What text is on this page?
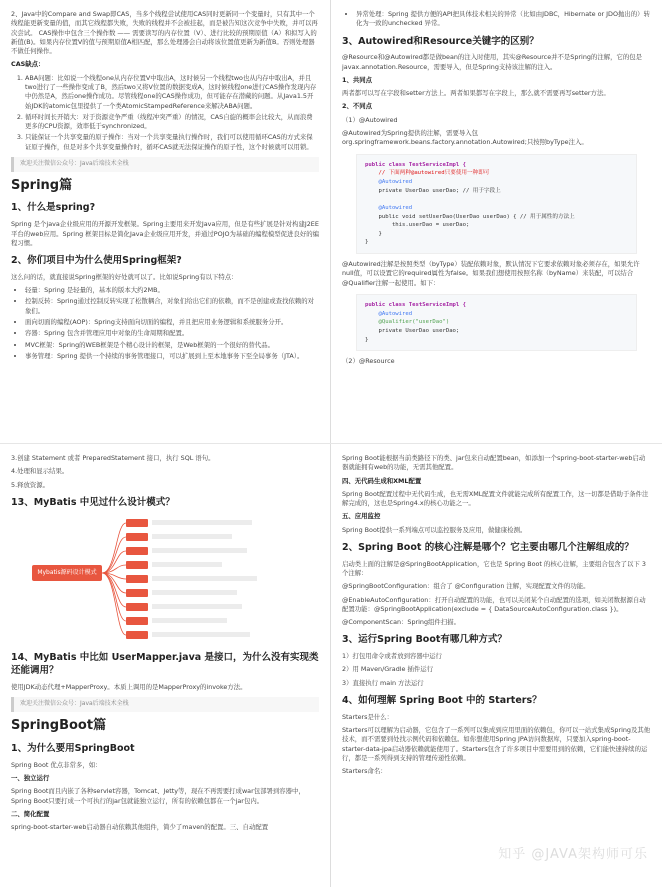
2、Java中的Compare and Swap即CAS，当多个线程尝试使用CAS同时更新同一个变量时，只有其中一个线程能更新变量的值，而其它线程都失败，失败的线程并不会被挂起，而是被告知这次竞争中失败，并可以再次尝试。 CAS操作中包含三个操作数 —— 需要读写的内存位置（V）、进行比较的预期原值（A）和拟写入的新值(B)。如果内存位置V的值与预期原值A相匹配，那么处理器会自动将该位置值更新为新值B。否则处理器不做任何操作。

CAS缺点：

1. ABA问题：比如说一个线程one从内存位置V中取出A，这时候另一个线程two也从内存中取出A，并且two进行了一些操作变成了B，然后two又将V位置的数据变成A，这时候线程one进行CAS操作发现内存中仍然是A，然后one操作成功。尽管线程one的CAS操作成功，但可能存在潜藏的问题。从Java1.5开始JDK的atomic包里提供了一个类AtomicStampedReference来解决ABA问题。
2. 循环时间长开销大：对于资源竞争严重（线程冲突严重）的情况，CAS自旋的概率会比较大，从而浪费更多的CPU资源，效率低于synchronized。
3. 只能保证一个共享变量的原子操作：当对一个共享变量执行操作时，我们可以使用循环CAS的方式来保证原子操作，但是对多个共享变量操作时，循环CAS就无法保证操作的原子性，这个时候就可以用锁。
欢迎关注微信公众号：Java后端技术全栈
Spring篇
1、什么是spring?

Spring 是个java企业级应用的开源开发框架。Spring主要用来开发Java应用，但是有些扩展是针对构建J2EE平台的web应用。Spring 框架目标是简化Java企业级应用开发，并通过POJO为基础的编程模型促进良好的编程习惯。

2、你们项目中为什么使用Spring框架?

这么问的话，就直接说Spring框架的好处就可以了。比如说Spring有以下特点：

• 轻量：Spring 是轻量的，基本的版本大约2MB。
• 控制反转：Spring通过控制反转实现了松散耦合，对象们给出它们的依赖，而不是创建或查找依赖的对象们。
• 面向切面的编程(AOP)：Spring支持面向切面的编程，并且把应用业务逻辑和系统服务分开。
• 容器：Spring 包含并管理应用中对象的生命周期和配置。
• MVC框架：Spring的WEB框架是个精心设计的框架，是Web框架的一个很好的替代品。
• 事务管理：Spring 提供一个持续的事务管理接口，可以扩展到上至本地事务下至全局事务（JTA）。
• 异常处理：Spring 提供方便的API把具体技术相关的异常（比如由JDBC，Hibernate or JDO抛出的）转化为一致的unchecked 异常。
3、Autowired和Resource关键字的区别？

@Resource和@Autowired都是做bean的注入时使用，其实@Resource并不是Spring的注解，它的包是javax.annotation.Resource，需要导入，但是Spring支持该注解的注入。

1、共同点

两者都可以写在字段和setter方法上。两者如果都写在字段上，那么就不需要再写setter方法。

2、不同点

（1）@Autowired

@Autowired为Spring提供的注解，需要导入包org.springframework.beans.factory.annotation.Autowired;只按照byType注入。

public class TestServiceImpl {
// 下面两种@autowired只要使用一种即可
@Autowired
private UserDao userDao; // 用于字段上

@Autowired
public void setUserDao(UserDao userDao) { // 用于属性的方法上
this.userDao = userDao;
}
}

@Autowired注解是按照类型（byType）装配依赖对象，默认情况下它要求依赖对象必须存在，如果允许null值，可以设置它的required属性为false。如果我们想使用按照名称（byName）来装配，可以结合@Qualifier注解一起使用。如下：

public class TestServiceImpl {
@Autowired
@Qualifier("userDao")
private UserDao userDao;
}

（2）@Resource

3.创建 Statement 或者 PreparedStatement 接口，执行 SQL 语句。

4.处理和显示结果。

5.释放资源。

13、MyBatis 中见过什么设计模式？
Mybatis源码设计模式
14、MyBatis 中比如 UserMapper.java 是接口，为什么没有实现类还能调用？

使用JDK动态代理+MapperProxy。本质上调用的是MapperProxy的invoke方法。

欢迎关注微信公众号：Java后端技术全栈
SpringBoot篇
1、为什么要用SpringBoot

Spring Boot 优点非常多，如：

一、独立运行

Spring Boot而且内嵌了各种servlet容器，Tomcat、Jetty等，现在不再需要打成war包部署到容器中，Spring Boot只要打成一个可执行的jar包就能独立运行，所有的依赖包都在一个jar包内。

二、简化配置

spring-boot-starter-web启动器自动依赖其他组件，简少了maven的配置。三、自动配置

Spring Boot能根据当前类路径下的类、jar包来自动配置bean，如添加一个spring-boot-starter-web启动器就能拥有web的功能，无需其他配置。

四、无代码生成和XML配置

Spring Boot配置过程中无代码生成，也无需XML配置文件就能完成所有配置工作，这一切都是借助于条件注解完成的，这也是Spring4.x的核心功能之一。

五、应用监控

Spring Boot提供一系列端点可以监控服务及应用，做健康检测。

2、Spring Boot 的核心注解是哪个？它主要由哪几个注解组成的？

启动类上面的注解是@SpringBootApplication，它也是 Spring Boot 的核心注解，主要组合包含了以下 3 个注解：

@SpringBootConfiguration：组合了 @Configuration 注解，实现配置文件的功能。

@EnableAutoConfiguration：打开自动配置的功能，也可以关闭某个自动配置的选项，如关闭数据源自动配置功能：@SpringBootApplication(exclude = { DataSourceAutoConfiguration.class })。

@ComponentScan：Spring组件扫描。

3、运行Spring Boot有哪几种方式？

1）打包用命令或者放到容器中运行

2）用 Maven/Gradle 插件运行

3）直接执行 main 方法运行

4、如何理解 Spring Boot 中的 Starters？

Starters是什么：

Starters可以理解为启动器，它包含了一系列可以集成到应用里面的依赖包，你可以一站式集成Spring及其他技术，而不需要到处找示例代码和依赖包。如你想使用Spring JPA访问数据库，只要加入spring-boot-starter-data-jpa启动器依赖就能使用了。Starters包含了许多项目中需要用到的依赖，它们能快速持续的运行，都是一系列得到支持的管理传递性依赖。

Starters命名：

知乎 @JAVA架构师可乐
